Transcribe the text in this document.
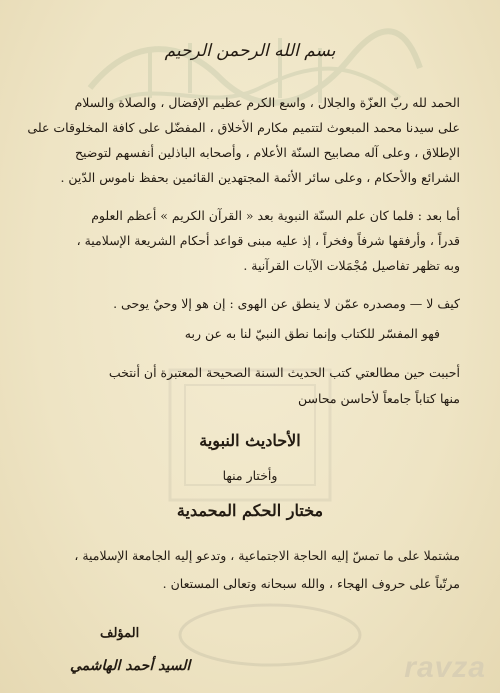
بسم الله الرحمن الرحيم
الحمد لله ربّ العزّة والجلال ، واسع الكرم عظيم الإفضال ، والصلاة والسلام
على سيدنا محمد المبعوث لتتميم مكارم الأخلاق ، المفضّل على كافة المخلوقات على
الإطلاق ، وعلى آله مصابيح السنّة الأعلام ، وأصحابه الباذلين أنفسهم لتوضيح
الشرائع والأحكام ، وعلى سائر الأئمة المجتهدين القائمين بحفظ ناموس الدّين .
أما بعد : فلما كان علم السنّة النبوية بعد « القرآن الكريم » أعظم العلوم
قدراً ، وأرفقها شرفاً وفخراً ، إذ عليه مبنى قواعد أحكام الشريعة الإسلامية ،
وبه تظهر تفاصيل مُجْمَلات الآيات القرآنية .
كيف لا — ومصدره عمّن لا ينطق عن الهوى : إن هو إلا وحيٌ يوحى .
فهو المفسّر للكتاب وإنما نطق النبيّ لنا به عن ربه
أحببت حين مطالعتي كتب الحديث السنة الصحيحة المعتبرة أن أنتخب
منها كتاباً جامعاً لأحاسن محاسن
الأحاديث النبوية
وأختار منها
مختار الحكم المحمدية
مشتملا على ما تمسّ إليه الحاجة الاجتماعية ، وتدعو إليه الجامعة الإسلامية ،
مرتّباً على حروف الهجاء ، والله سبحانه وتعالى المستعان .
المؤلف
السيد أحمد الهاشمي	ravza
